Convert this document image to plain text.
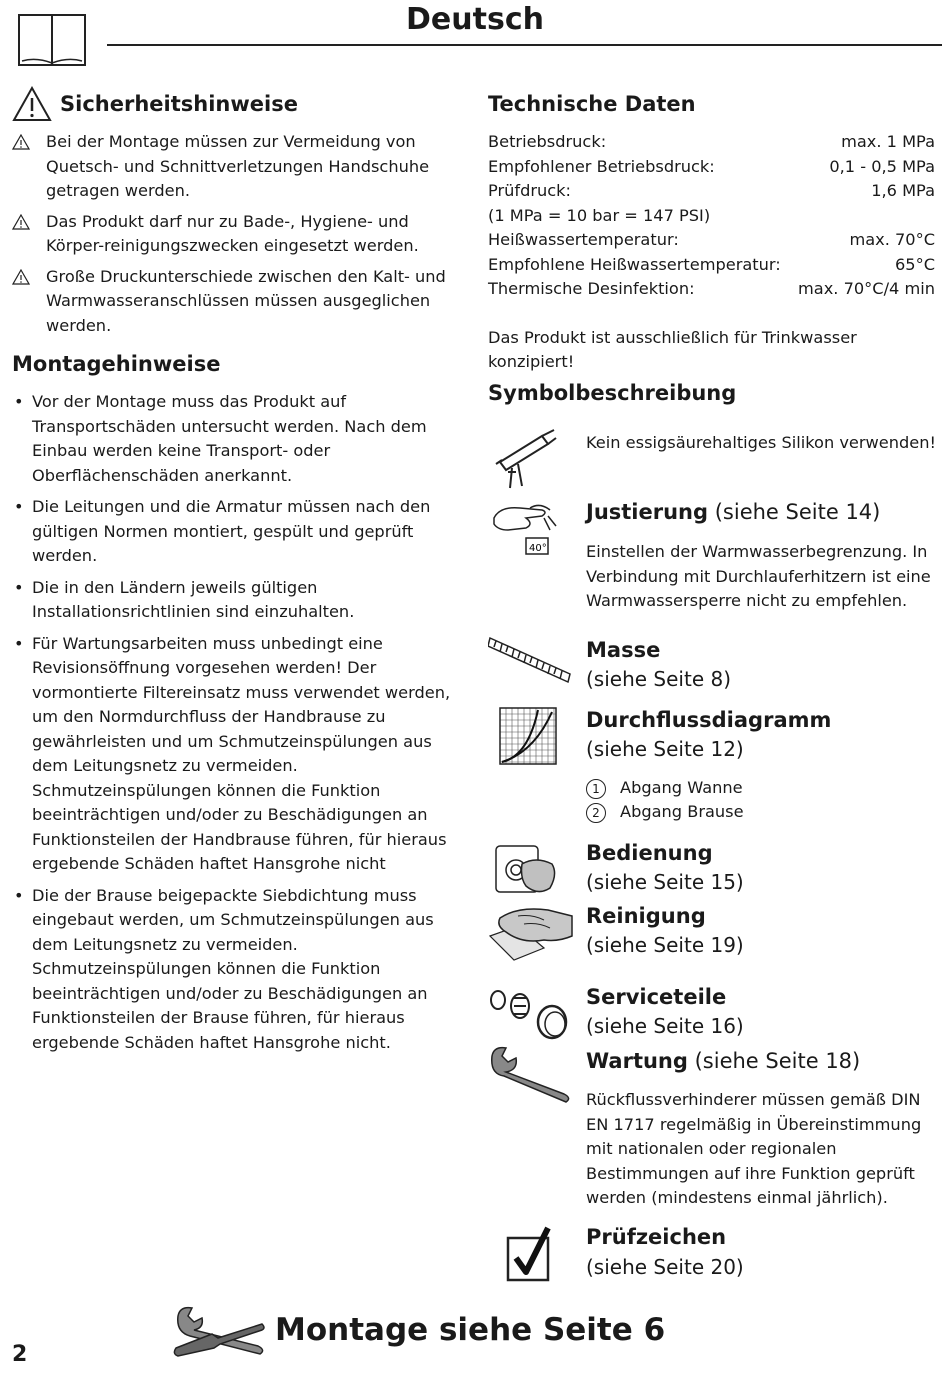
Deutsch
Sicherheitshinweise
Bei der Montage müssen zur Vermeidung von Quetsch- und Schnittverletzungen Handschuhe getragen werden.
Das Produkt darf nur zu Bade-, Hygiene- und Körper-reinigungszwecken eingesetzt werden.
Große Druckunterschiede zwischen den Kalt- und Warmwasseranschlüssen müssen ausgeglichen werden.
Montagehinweise
• Vor der Montage muss das Produkt auf Transportschäden untersucht werden. Nach dem Einbau werden keine Transport- oder Oberflächenschäden anerkannt.
• Die Leitungen und die Armatur müssen nach den gültigen Normen montiert, gespült und geprüft werden.
• Die in den Ländern jeweils gültigen Installationsrichtlinien sind einzuhalten.
• Für Wartungsarbeiten muss unbedingt eine Revisionsöffnung vorgesehen werden! Der vormontierte Filtereinsatz muss verwendet werden, um den Normdurchfluss der Handbrause zu gewährleisten und um Schmutzeinspülungen aus dem Leitungsnetz zu vermeiden. Schmutzeinspülungen können die Funktion beeinträchtigen und/oder zu Beschädigungen an Funktionsteilen der Handbrause führen, für hieraus ergebende Schäden haftet Hansgrohe nicht
• Die der Brause beigepackte Siebdichtung muss eingebaut werden, um Schmutzeinspülungen aus dem Leitungsnetz zu vermeiden. Schmutzeinspülungen können die Funktion beeinträchtigen und/oder zu Beschädigungen an Funktionsteilen der Brause führen, für hieraus ergebende Schäden haftet Hansgrohe nicht.
Technische Daten
Betriebsdruck:	max. 1 MPa
Empfohlener Betriebsdruck:	0,1 - 0,5 MPa
Prüfdruck:	1,6 MPa
(1 MPa = 10 bar = 147 PSI)
Heißwassertemperatur:	max. 70°C
Empfohlene Heißwassertemperatur:	65°C
Thermische Desinfektion:	max. 70°C/4 min
Das Produkt ist ausschließlich für Trinkwasser konzipiert!
Symbolbeschreibung
Kein essigsäurehaltiges Silikon verwenden!
40°
Justierung (siehe Seite 14)
Einstellen der Warmwasserbegrenzung. In Verbindung mit Durchlauferhitzern ist eine Warmwassersperre nicht zu empfehlen.
Masse
(siehe Seite 8)
Durchflussdiagramm
(siehe Seite 12)
1 Abgang Wanne
2 Abgang Brause
Bedienung
(siehe Seite 15)
Reinigung
(siehe Seite 19)
Serviceteile
(siehe Seite 16)
Wartung (siehe Seite 18)
Rückflussverhinderer müssen gemäß DIN EN 1717 regelmäßig in Übereinstimmung mit nationalen oder regionalen Bestimmungen auf ihre Funktion geprüft werden (mindestens einmal jährlich).
Prüfzeichen
(siehe Seite 20)
Montage siehe Seite 6
2
